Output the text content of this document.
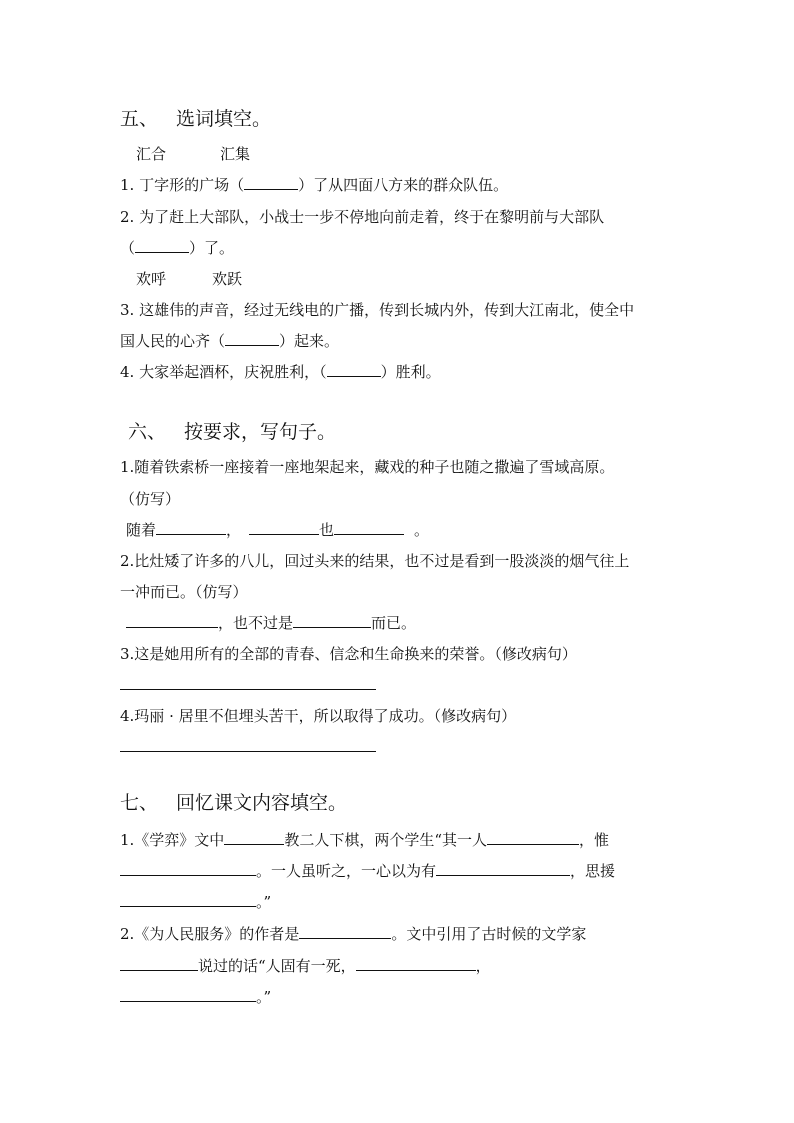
五、 选词填空。
汇合	汇集
1. 丁字形的广场（	）了从四面八方来的群众队伍。
2. 为了赶上大部队，小战士一步不停地向前走着，终于在黎明前与大部队
（	）了。
欢呼	欢跃
3. 这雄伟的声音，经过无线电的广播，传到长城内外，传到大江南北，使全中
国人民的心齐（	）起来。
4. 大家举起酒杯，庆祝胜利，（	）胜利。
六、 按要求，写句子。
1.随着铁索桥一座接着一座地架起来，藏戏的种子也随之撒遍了雪域高原。
（仿写）
随着	，	也	。
2.比灶矮了许多的八儿，回过头来的结果，也不过是看到一股淡淡的烟气往上
一冲而已。（仿写）
，也不过是	而已。
3.这是她用所有的全部的青春、信念和生命换来的荣誉。（修改病句）
4.玛丽 · 居里不但埋头苦干，所以取得了成功。（修改病句）
七、 回忆课文内容填空。
1.《学弈》文中	教二人下棋，两个学生“其一人	，惟
。一人虽听之，一心以为有	，思援
。”
2.《为人民服务》的作者是	。文中引用了古时候的文学家
说过的话“人固有一死，	，
。”
